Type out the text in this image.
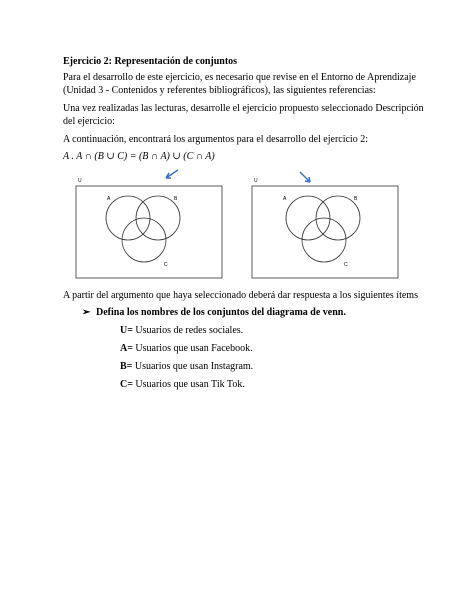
Ejercicio 2: Representación de conjuntos
Para el desarrollo de este ejercicio, es necesario que revise en el Entorno de Aprendizaje
(Unidad 3 - Contenidos y referentes bibliográficos), las siguientes referencias:
Una vez realizadas las lecturas, desarrolle el ejercicio propuesto seleccionado Descripción
del ejercicio:
A continuación, encontrará los argumentos para el desarrollo del ejercicio 2:
A . A ∩ (B ∪ C) = (B ∩ A) ∪ (C ∩ A)
U
A	B
C
U
A	B
C
A partir del argumento que haya seleccionado deberá dar respuesta a los siguientes ítems
➢ Defina los nombres de los conjuntos del diagrama de venn.
U= Usuarios de redes sociales.
A= Usuarios que usan Facebook.
B= Usuarios que usan Instagram.
C= Usuarios que usan Tik Tok.
